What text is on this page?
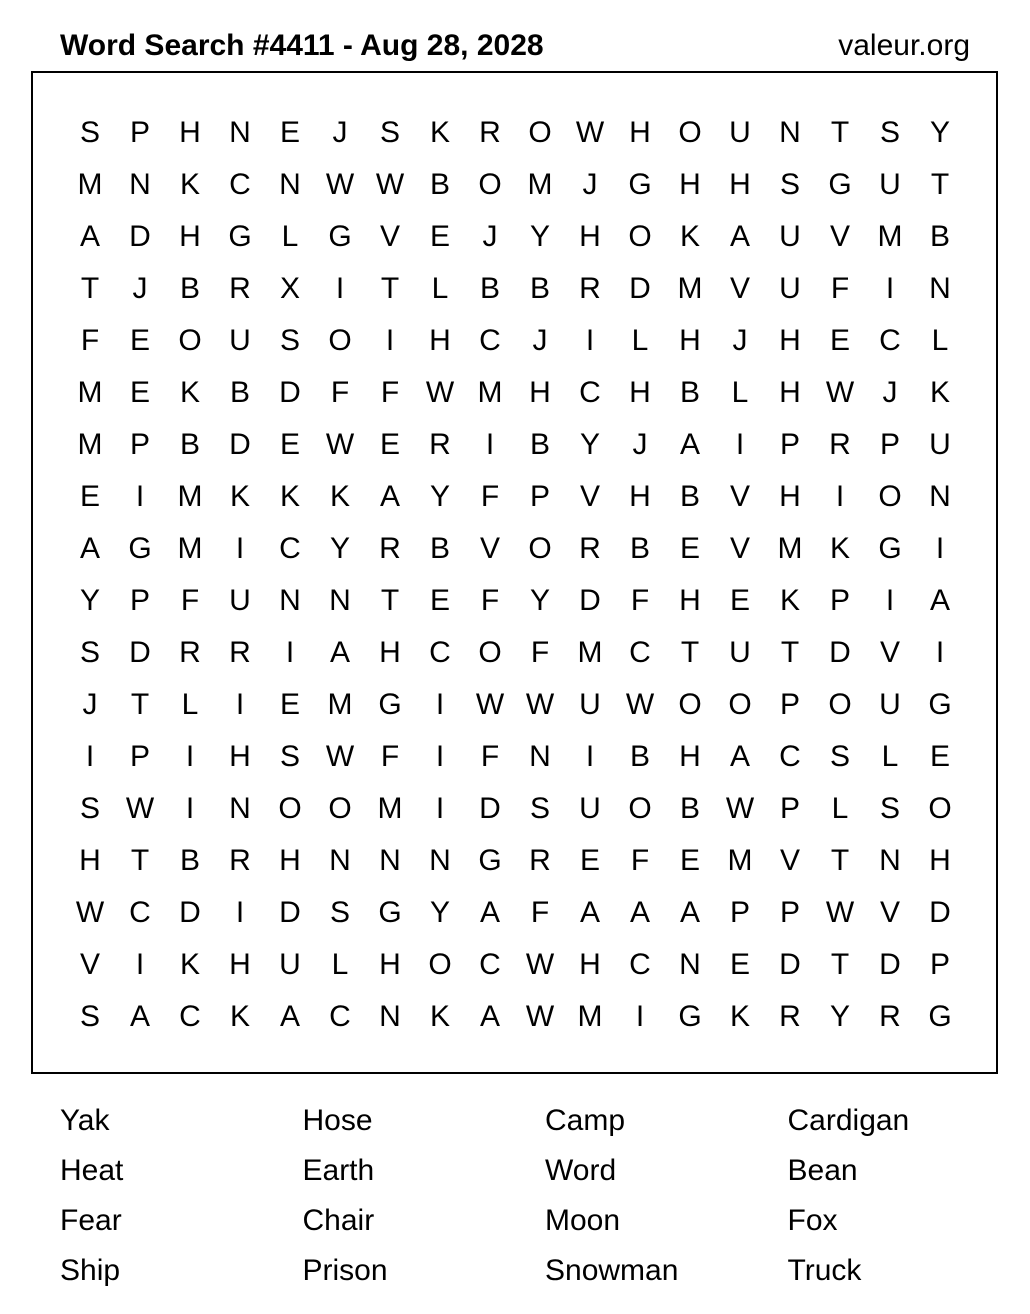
Word Search #4411 - Aug 28, 2028	valeur.org
S P H N E	J	S K R O W H O U N	T	S Y
M N K C N W W B O M	J	G H H S G U	T
A D H G L G V E	J	Y H O K A U V M B
T	J	B R X	I	T	L	B B R D M V U	F	I	N
F	E O U S O	I	H C	J	I	L	H	J	H E C	L
M E K B D	F	F W M H C H B	L	H W J	K
M P B D E W E R	I	B Y	J	A	I	P R P U
E	I	M K K K A Y	F	P V H B V H	I	O N
A G M	I	C Y R B V O R B E V M K G	I
Y P	F	U N N	T	E	F	Y D	F	H E K P	I	A
S D R R	I	A H C O F M C	T	U	T	D V	I
J	T	L	I	E M G	I	W W U W O O P O U G
I	P	I	H S W F	I	F	N	I	B H A C S	L	E
S W	I	N O O M	I	D S U O B W P	L	S O
H	T	B R H N N N G R E	F	E M V	T	N H
W C D	I	D S G Y A	F	A A A P P W V D
V	I	K H U	L	H O C W H C N E D	T	D P
S A C K A C N K A W M	I	G K R Y R G
Yak	Hose	Camp	Cardigan
Heat	Earth	Word	Bean
Fear	Chair	Moon	Fox
Ship	Prison	Snowman	Truck
